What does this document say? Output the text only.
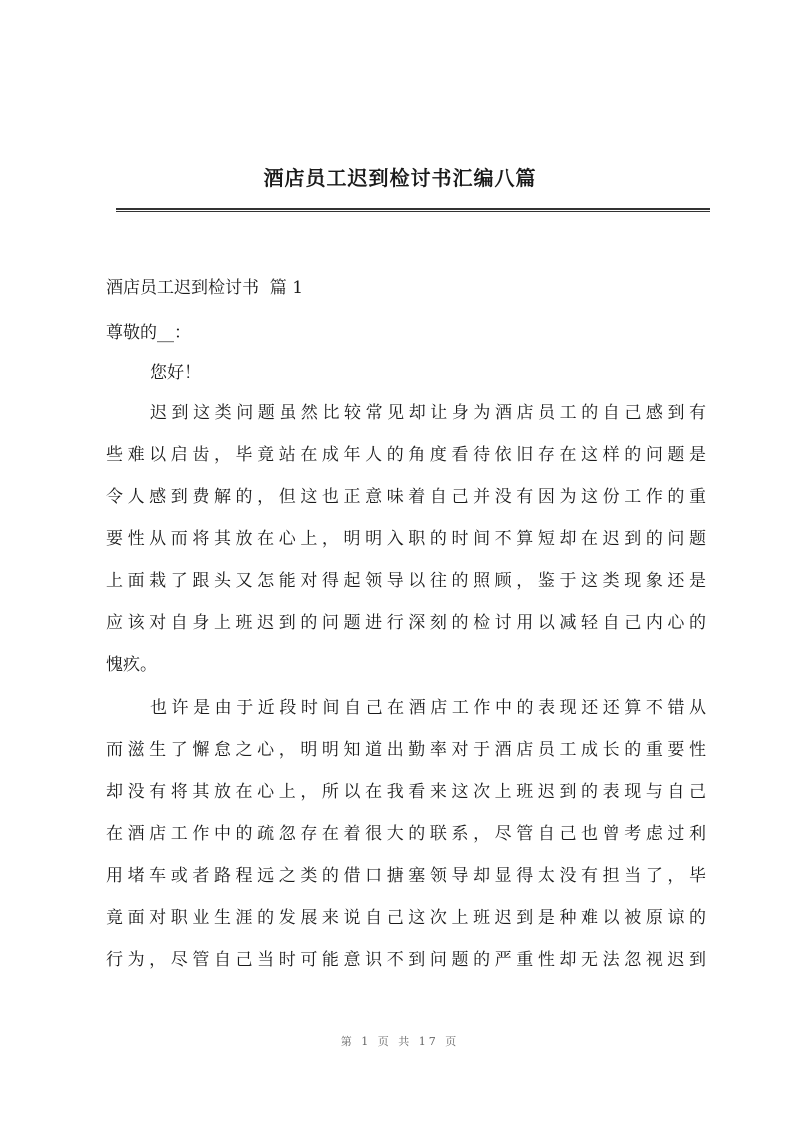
酒店员工迟到检讨书汇编八篇

酒店员工迟到检讨书  篇 1

尊敬的__：

您好！

迟到这类问题虽然比较常见却让身为酒店员工的自己感到有

些难以启齿，毕竟站在成年人的角度看待依旧存在这样的问题是

令人感到费解的，但这也正意味着自己并没有因为这份工作的重

要性从而将其放在心上，明明入职的时间不算短却在迟到的问题

上面栽了跟头又怎能对得起领导以往的照顾，鉴于这类现象还是

应该对自身上班迟到的问题进行深刻的检讨用以减轻自己内心的

愧疚。

也许是由于近段时间自己在酒店工作中的表现还还算不错从

而滋生了懈怠之心，明明知道出勤率对于酒店员工成长的重要性

却没有将其放在心上，所以在我看来这次上班迟到的表现与自己

在酒店工作中的疏忽存在着很大的联系，尽管自己也曾考虑过利

用堵车或者路程远之类的借口搪塞领导却显得太没有担当了，毕

竟面对职业生涯的发展来说自己这次上班迟到是种难以被原谅的

行为，尽管自己当时可能意识不到问题的严重性却无法忽视迟到

第 1 页 共 17 页
